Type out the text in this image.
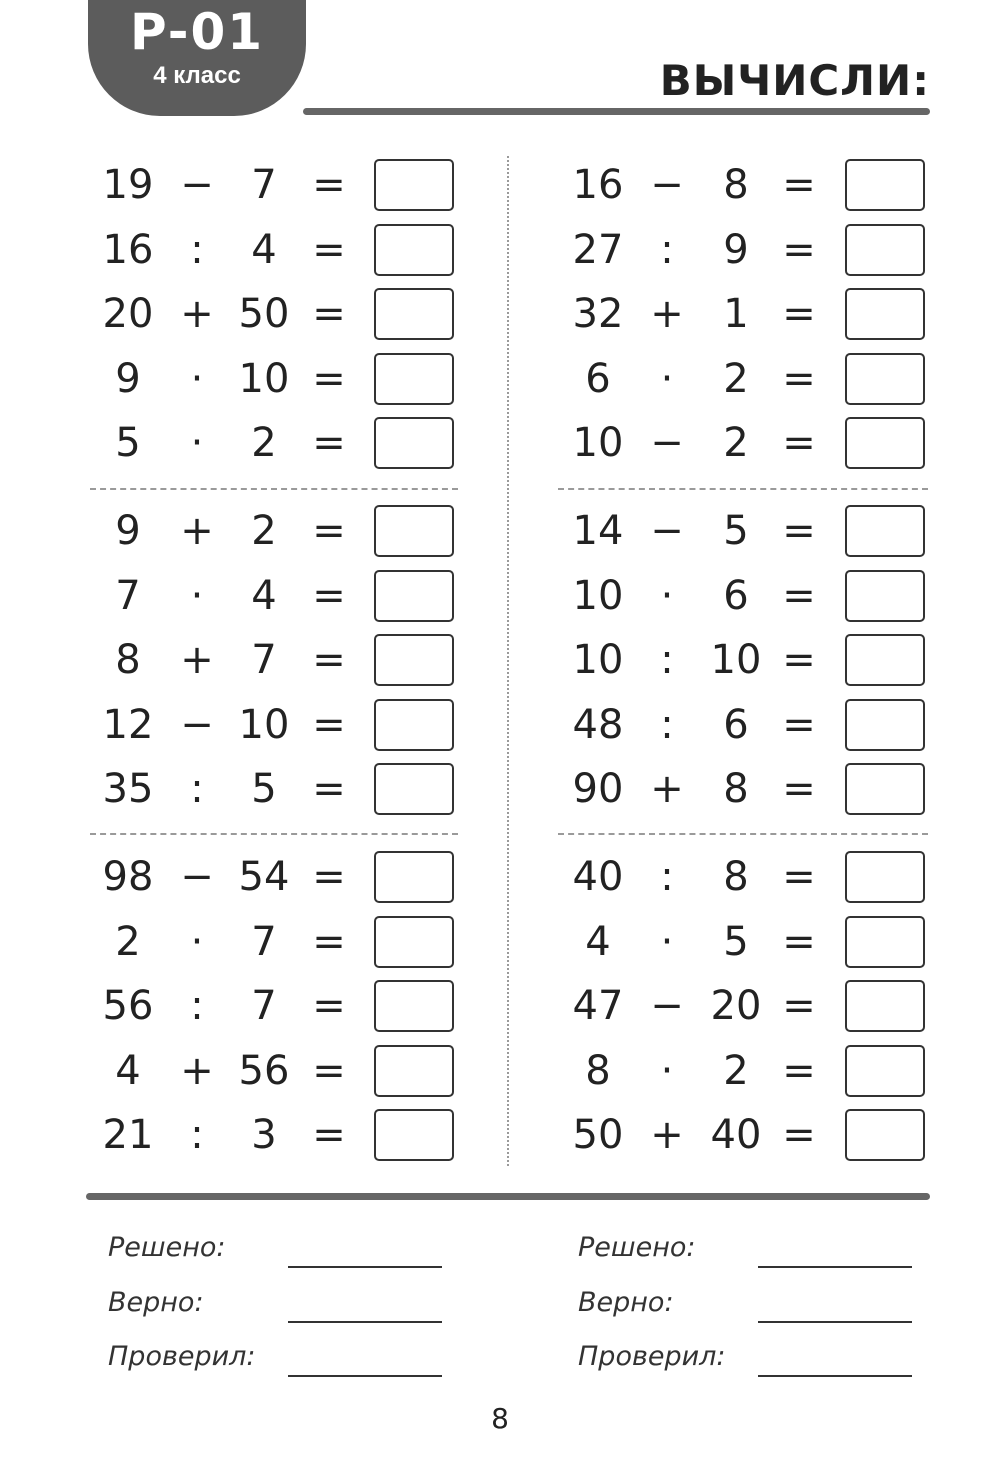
P-01
4 класс	ВЫЧИСЛИ:
19 − 7 =
16 :	4 =
20 + 50 =
9	· 10 =
5	·	2 =
9 + 2 =
7	·	4 =
8 + 7 =
12 − 10 =
35 :	5 =
98 − 54 =
2	·	7 =
56 :	7 =
4 + 56 =
21 :	3 =
16 − 8 =
27 :	9 =
32 + 1 =
6	·	2 =
10 − 2 =
14 − 5 =
10 ·	6 =
10 : 10 =
48 :	6 =
90 + 8 =
40 :	8 =
4	·	5 =
47 − 20 =
8	·	2 =
50 + 40 =
Решено:
Верно:
Проверил:
Решено:
Верно:
Проверил:
8
